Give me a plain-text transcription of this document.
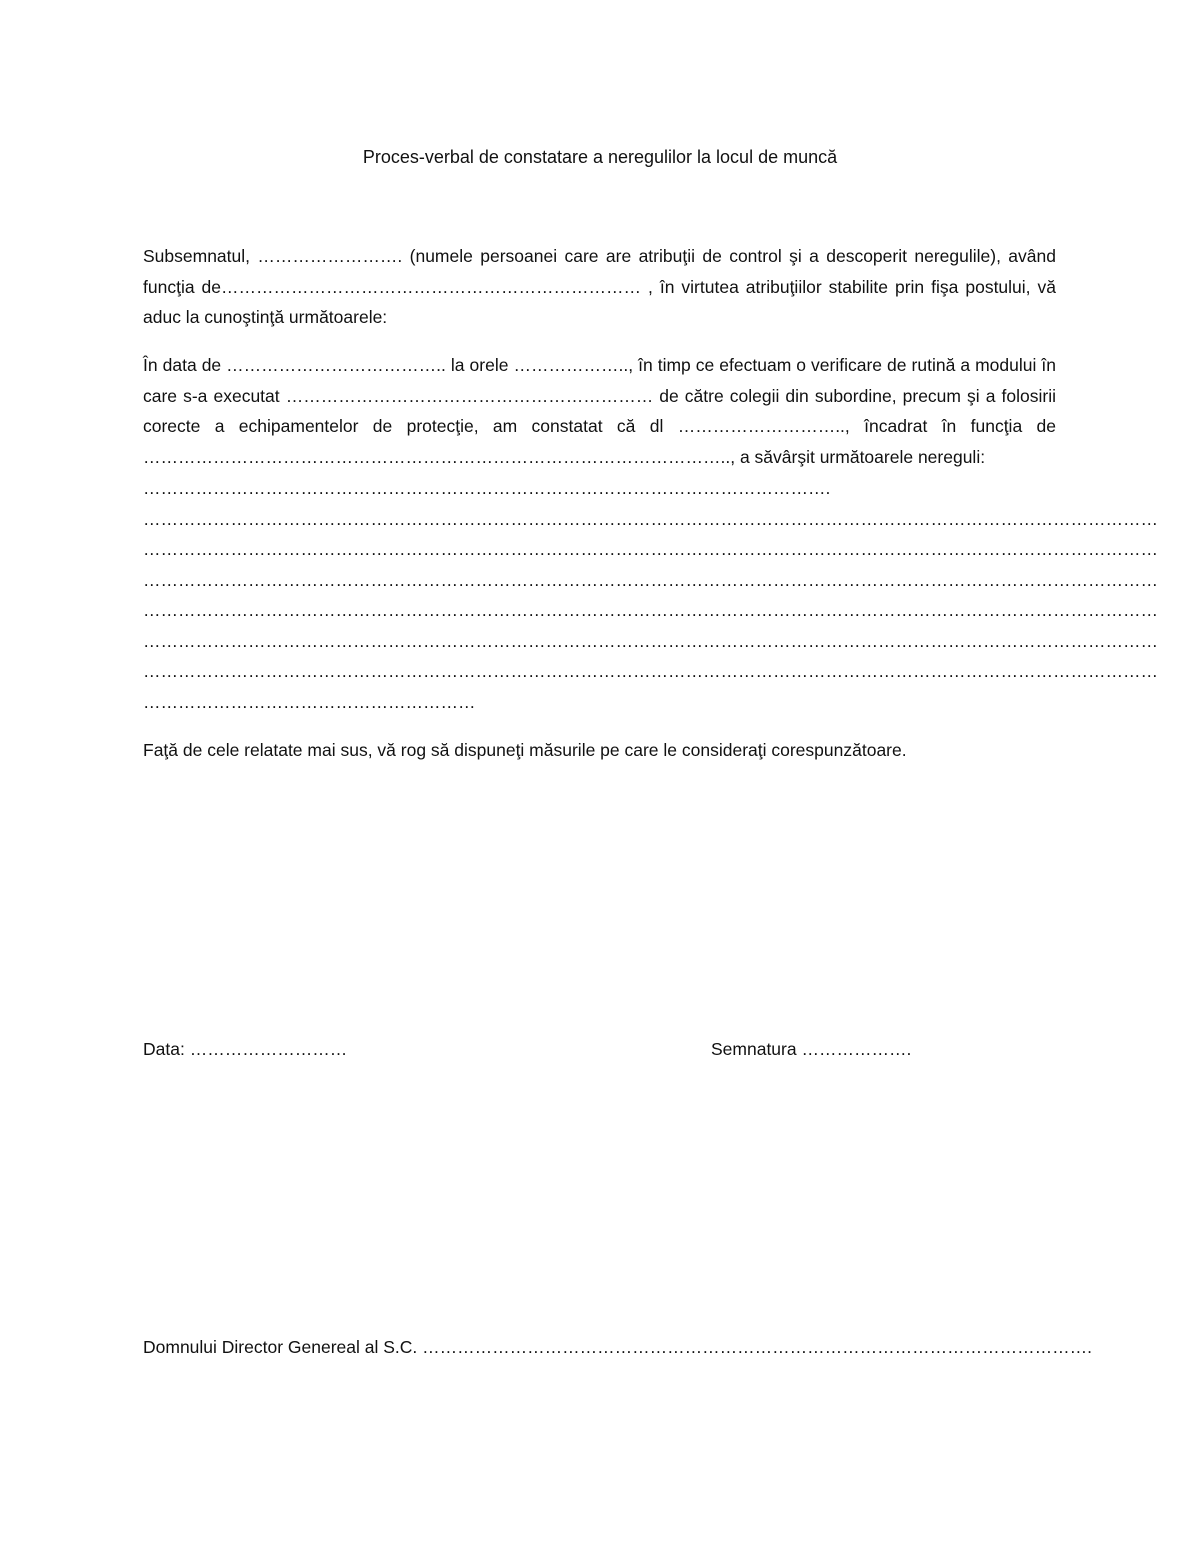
Proces-verbal de constatare a neregulilor la locul de muncă

Subsemnatul, ……………………. (numele persoanei care are atribuţii de control şi a descoperit neregulile), având funcţia de……………………………………………………………… , în virtutea atribuţiilor stabilite prin fişa postului, vă aduc la cunoştinţă următoarele:

În data de ……………………………….. la orele ……………….., în timp ce efectuam o verificare de rutină a modului în care s-a executat ……………………………………………………… de către colegii din subordine, precum şi a folosirii corecte a echipamentelor de protecţie, am constatat că dl ……………………….., încadrat în funcţia de ……………………………………………………………………………………….., a săvârşit următoarele nereguli:

……………………………………………………………………………………………………….
…………………………………………………………………………………………………………………………………………………………
…………………………………………………………………………………………………………………………………………………………
…………………………………………………………………………………………………………………………………………………………
…………………………………………………………………………………………………………………………………………………………
…………………………………………………………………………………………………………………………………………………………
…………………………………………………………………………………………………………………………………………………………
…………………………………………………
Faţă de cele relatate mai sus, vă rog să dispuneţi măsurile pe care le consideraţi corespunzătoare.
Data: ………………………	Semnatura ……………….
Domnului Director Genereal al S.C. …………………………………………………………………………………………………….
